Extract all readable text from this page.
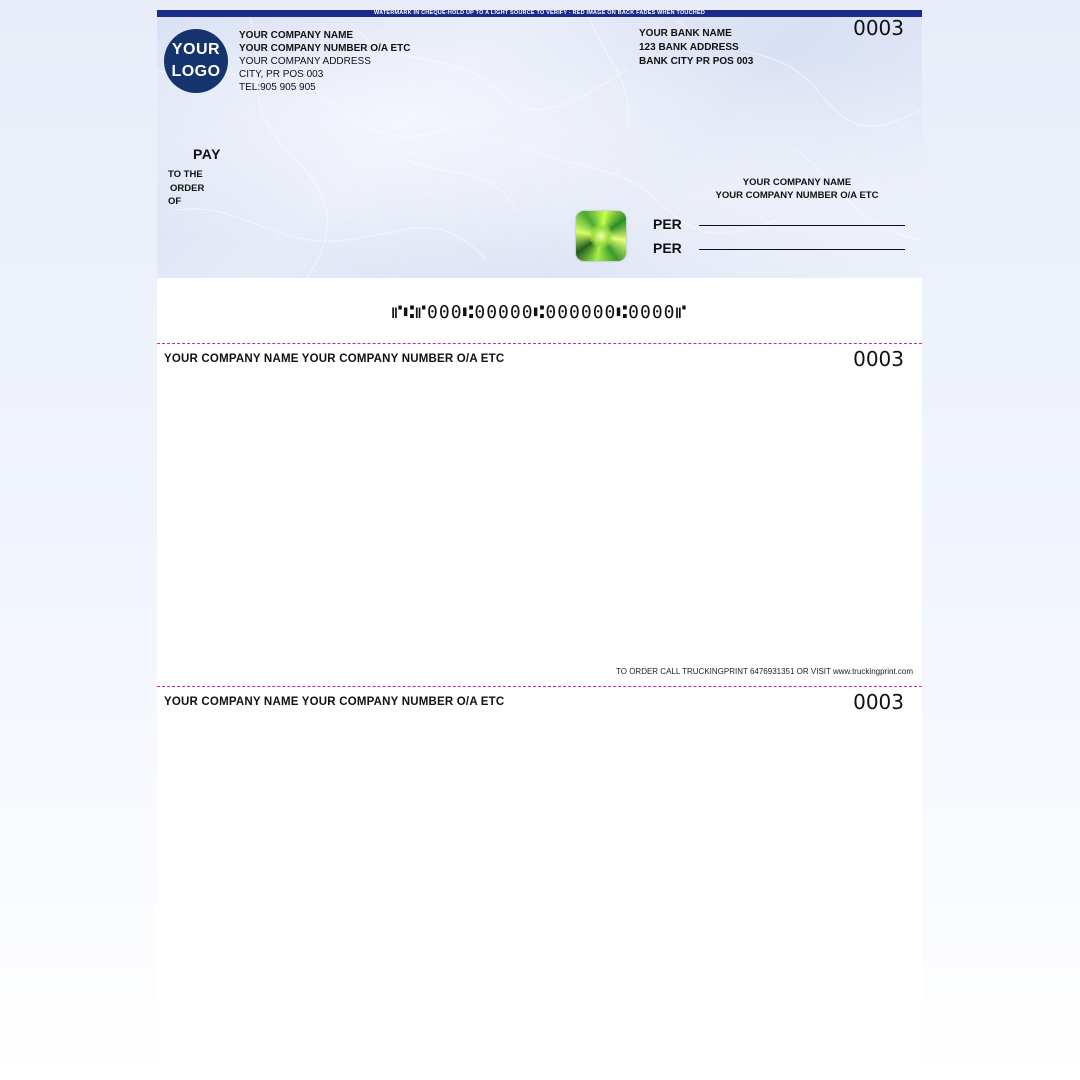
WATERMARK IN CHEQUE-HOLD UP TO A LIGHT SOURCE TO VERIFY - RED IMAGE ON BACK FADES WHEN TOUCHED
YOUR
LOGO
YOUR COMPANY NAME
YOUR COMPANY NUMBER O/A ETC
YOUR COMPANY ADDRESS
CITY, PR POS 003
TEL:905 905 905
YOUR BANK NAME
123 BANK ADDRESS
BANK CITY PR POS 003
0003
PAY
TO THE
ORDER
OF
YOUR COMPANY NAME
YOUR COMPANY NUMBER O/A ETC
PER
PER
⑈⑆⑈000⑆00000⑆000000⑆0000⑈
YOUR COMPANY NAME YOUR COMPANY NUMBER O/A ETC	0003
TO ORDER CALL TRUCKINGPRINT 6476931351 OR VISIT www.truckingprint.com
YOUR COMPANY NAME YOUR COMPANY NUMBER O/A ETC	0003
